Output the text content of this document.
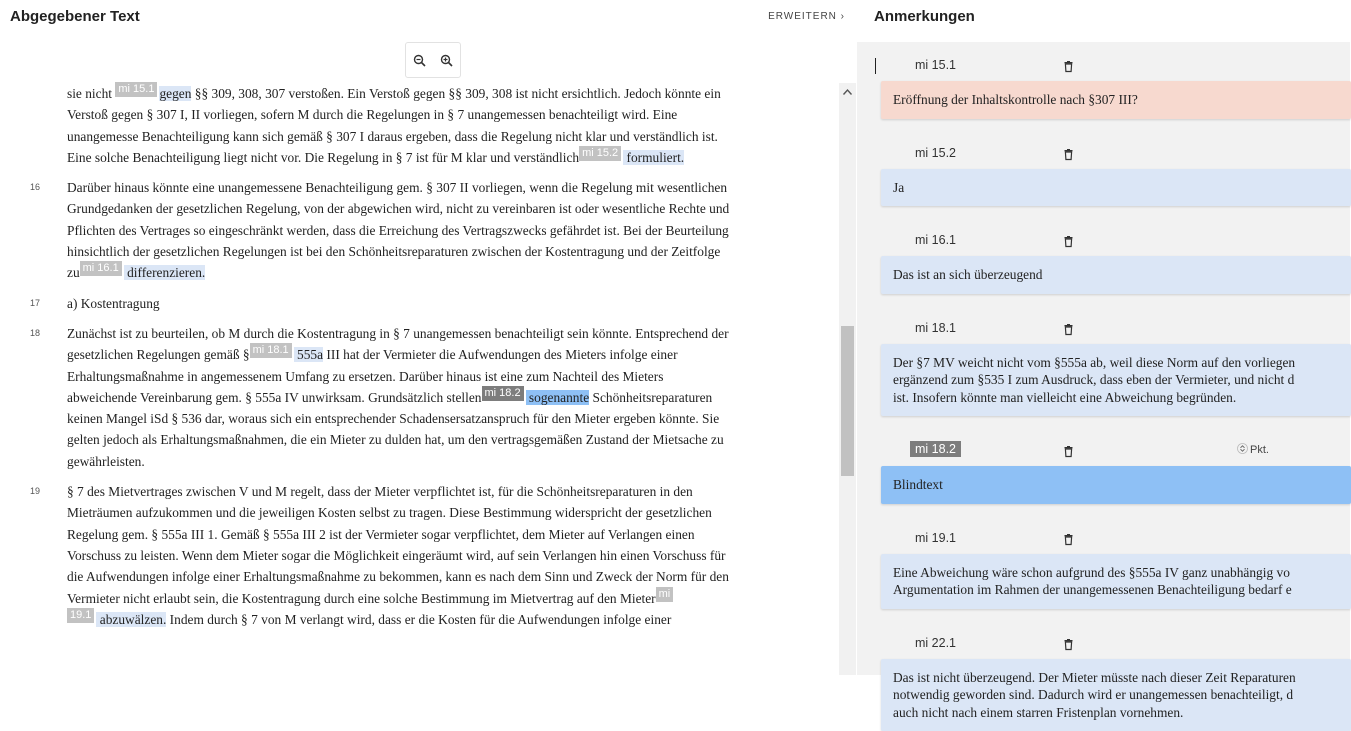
Abgegebener Text	ERWEITERN ›
sie nicht mi 15.1 gegen §§ 309, 308, 307 verstoßen. Ein Verstoß gegen §§ 309, 308 ist nicht ersichtlich. Jedoch könnte ein
Verstoß gegen § 307 I, II vorliegen, sofern M durch die Regelungen in § 7 unangemessen benachteiligt wird. Eine
unangemesse Benachteiligung kann sich gemäß § 307 I daraus ergeben, dass die Regelung nicht klar und verständlich ist.
Eine solche Benachteiligung liegt nicht vor. Die Regelung in § 7 ist für M klar und verständlich mi 15.2 formuliert.
16	Darüber hinaus könnte eine unangemessene Benachteiligung gem. § 307 II vorliegen, wenn die Regelung mit wesentlichen
Grundgedanken der gesetzlichen Regelung, von der abgewichen wird, nicht zu vereinbaren ist oder wesentliche Rechte und
Pflichten des Vertrages so eingeschränkt werden, dass die Erreichung des Vertragszwecks gefährdet ist. Bei der Beurteilung
hinsichtlich der gesetzlichen Regelungen ist bei den Schönheitsreparaturen zwischen der Kostentragung und der Zeitfolge
zu mi 16.1 differenzieren.
17	a) Kostentragung
18	Zunächst ist zu beurteilen, ob M durch die Kostentragung in § 7 unangemessen benachteiligt sein könnte. Entsprechend der
gesetzlichen Regelungen gemäß § mi 18.1 555a III hat der Vermieter die Aufwendungen des Mieters infolge einer
Erhaltungsmaßnahme in angemessenem Umfang zu ersetzen. Darüber hinaus ist eine zum Nachteil des Mieters
abweichende Vereinbarung gem. § 555a IV unwirksam. Grundsätzlich stellen mi 18.2 sogenannte Schönheitsreparaturen
keinen Mangel iSd § 536 dar, woraus sich ein entsprechender Schadensersatzanspruch für den Mieter ergeben könnte. Sie
gelten jedoch als Erhaltungsmaßnahmen, die ein Mieter zu dulden hat, um den vertragsgemäßen Zustand der Mietsache zu
gewährleisten.
19	§ 7 des Mietvertrages zwischen V und M regelt, dass der Mieter verpflichtet ist, für die Schönheitsreparaturen in den
Mieträumen aufzukommen und die jeweiligen Kosten selbst zu tragen. Diese Bestimmung widerspricht der gesetzlichen
Regelung gem. § 555a III 1. Gemäß § 555a III 2 ist der Vermieter sogar verpflichtet, dem Mieter auf Verlangen einen
Vorschuss zu leisten. Wenn dem Mieter sogar die Möglichkeit eingeräumt wird, auf sein Verlangen hin einen Vorschuss für
die Aufwendungen infolge einer Erhaltungsmaßnahme zu bekommen, kann es nach dem Sinn und Zweck der Norm für den
Vermieter nicht erlaubt sein, die Kostentragung durch eine solche Bestimmung im Mietvertrag auf den Mieter mi
19.1 abzuwälzen. Indem durch § 7 von M verlangt wird, dass er die Kosten für die Aufwendungen infolge einer
Anmerkungen
mi 15.1
Eröffnung der Inhaltskontrolle nach §307 III?
mi 15.2
Ja
mi 16.1
Das ist an sich überzeugend
mi 18.1
Der §7 MV weicht nicht vom §555a ab, weil diese Norm auf den vorliegen
ergänzend zum §535 I zum Ausdruck, dass eben der Vermieter, und nicht d
ist. Insofern könnte man vielleicht eine Abweichung begründen.
mi 18.2	Pkt.
Blindtext
mi 19.1
Eine Abweichung wäre schon aufgrund des §555a IV ganz unabhängig vo
Argumentation im Rahmen der unangemessenen Benachteiligung bedarf e
mi 22.1
Das ist nicht überzeugend. Der Mieter müsste nach dieser Zeit Reparaturen
notwendig geworden sind. Dadurch wird er unangemessen benachteiligt, d
auch nicht nach einem starren Fristenplan vornehmen.
